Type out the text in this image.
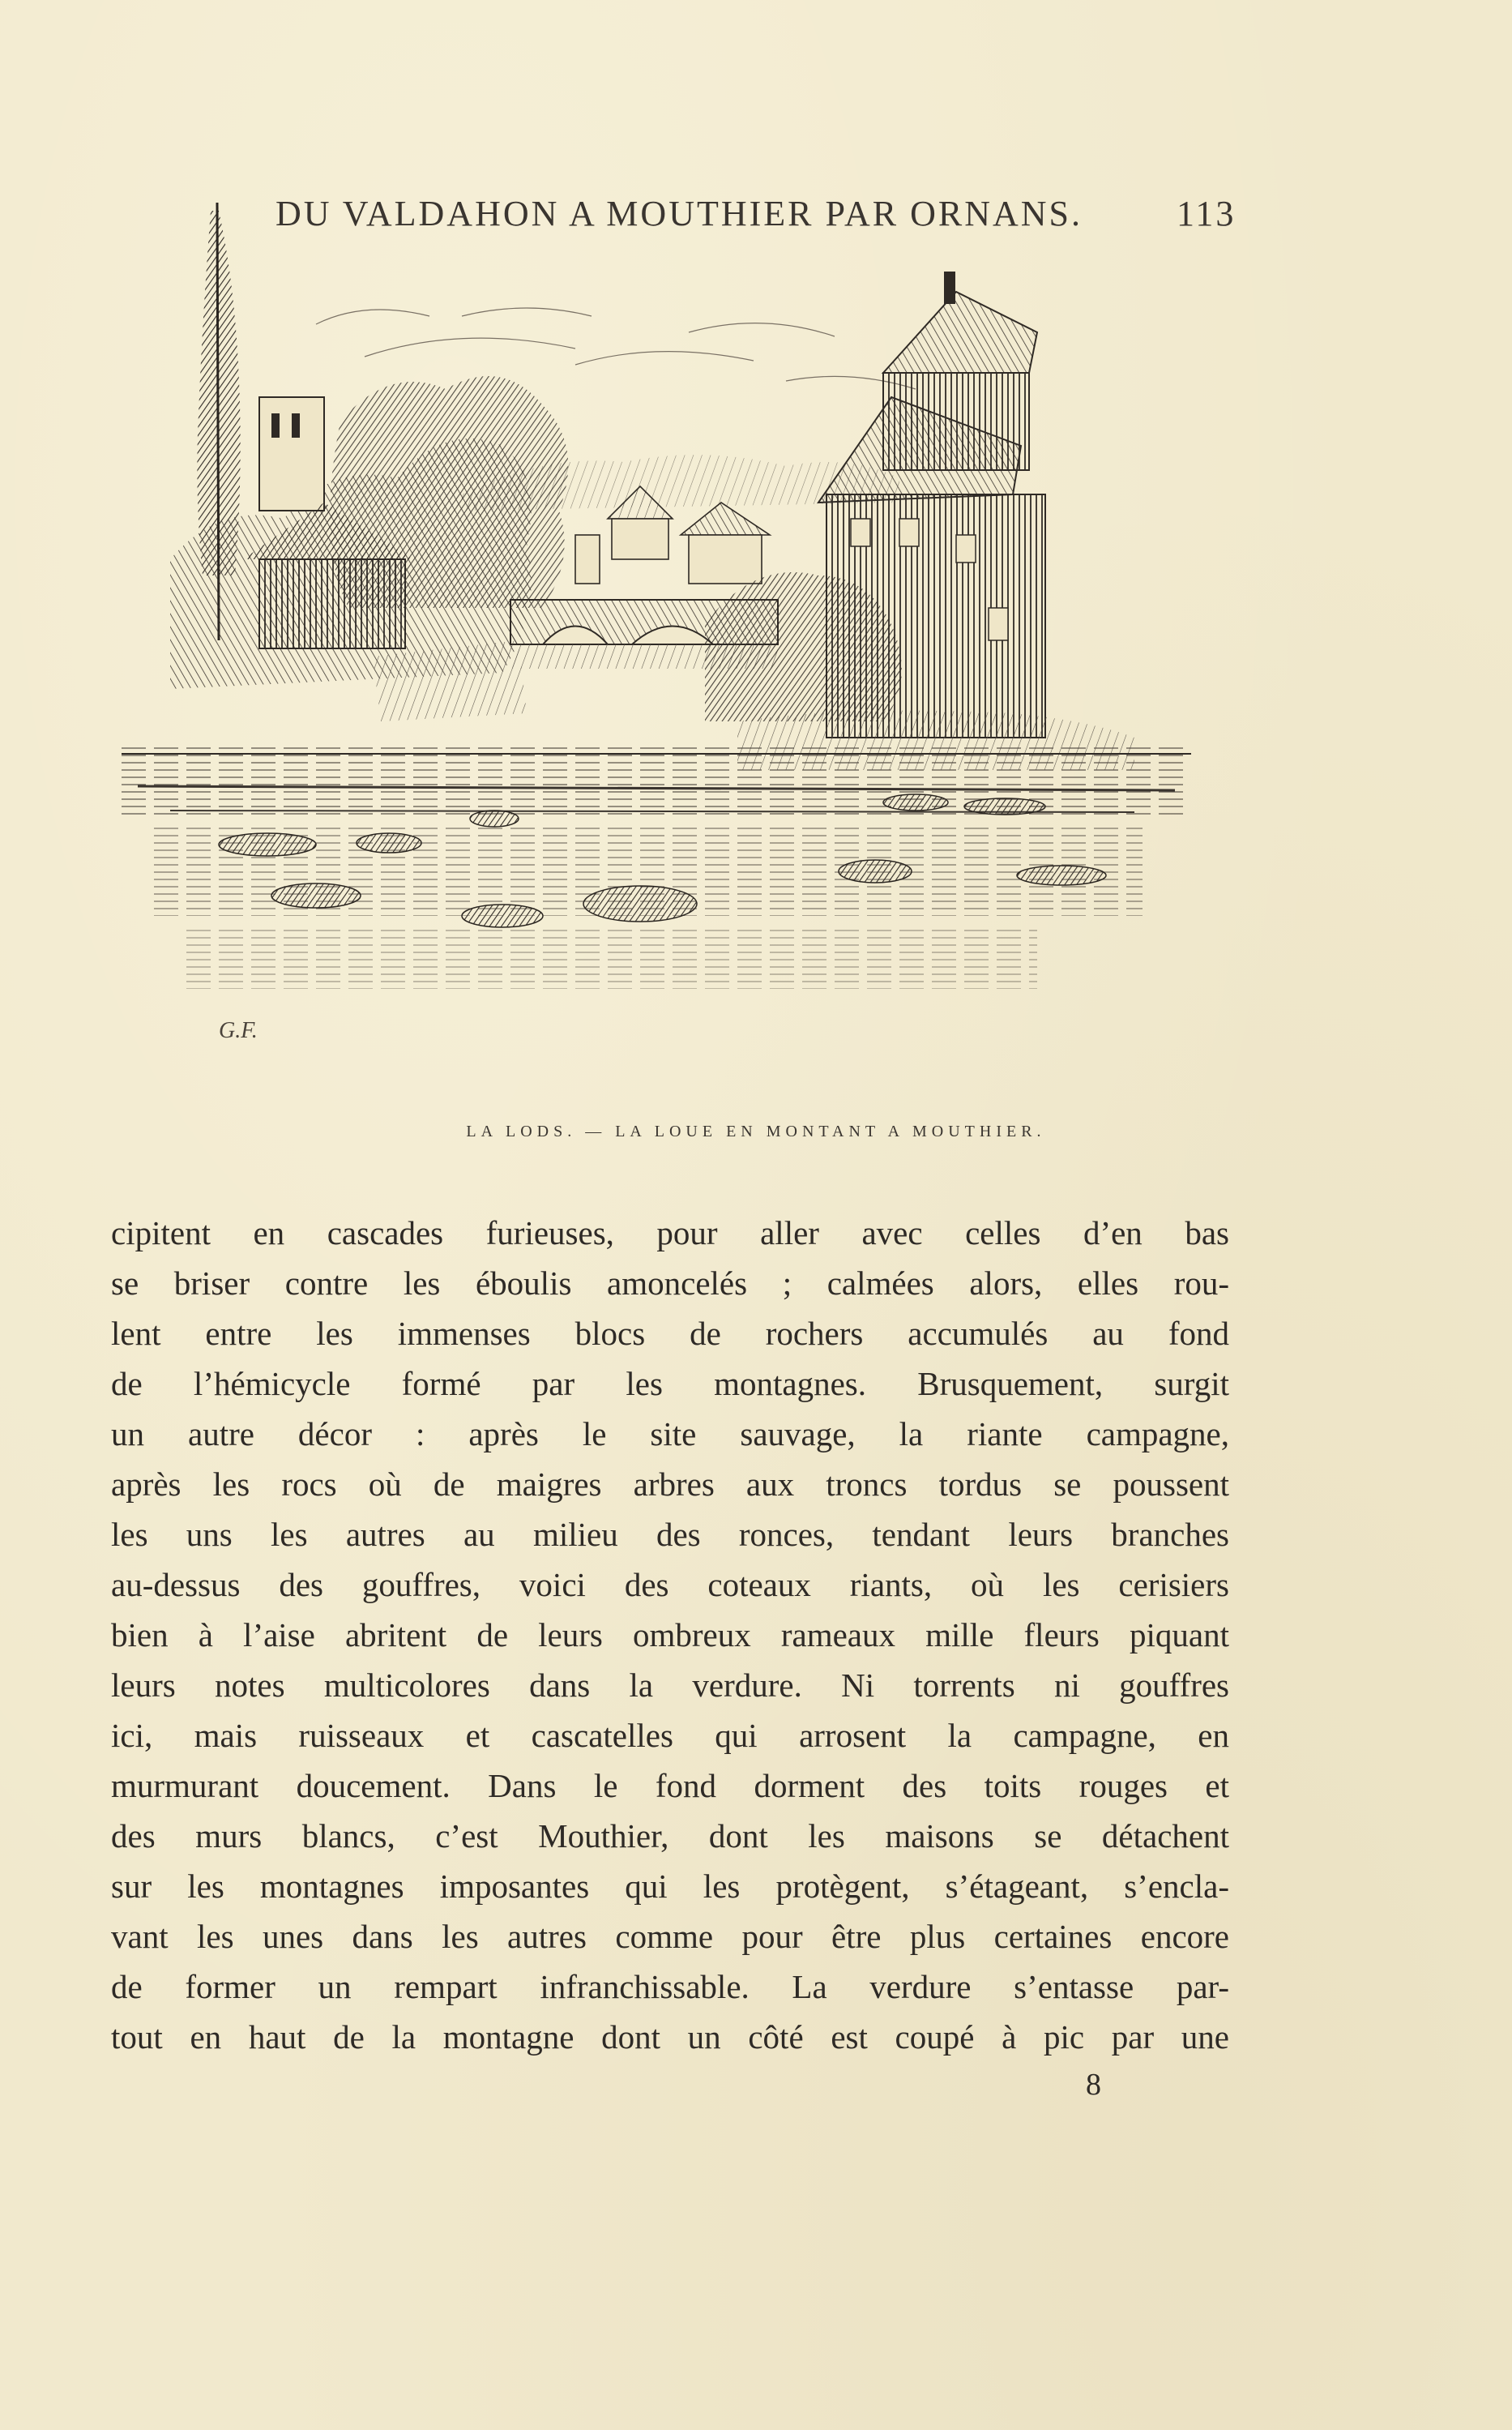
DU VALDAHON A MOUTHIER PAR ORNANS.	113
G.F.
LA LODS. — LA LOUE EN MONTANT A MOUTHIER.
cipitent en cascades furieuses, pour aller avec celles d’en bas
se briser contre les éboulis amoncelés ; calmées alors, elles rou-
lent entre les immenses blocs de rochers accumulés au fond
de l’hémicycle formé par les montagnes. Brusquement, surgit
un autre décor : après le site sauvage, la riante campagne,
après les rocs où de maigres arbres aux troncs tordus se poussent
les uns les autres au milieu des ronces, tendant leurs branches
au-dessus des gouffres, voici des coteaux riants, où les cerisiers
bien à l’aise abritent de leurs ombreux rameaux mille fleurs piquant
leurs notes multicolores dans la verdure. Ni torrents ni gouffres
ici, mais ruisseaux et cascatelles qui arrosent la campagne, en
murmurant doucement. Dans le fond dorment des toits rouges et
des murs blancs, c’est Mouthier, dont les maisons se détachent
sur les montagnes imposantes qui les protègent, s’étageant, s’encla-
vant les unes dans les autres comme pour être plus certaines encore
de former un rempart infranchissable. La verdure s’entasse par-
tout en haut de la montagne dont un côté est coupé à pic par une
8
